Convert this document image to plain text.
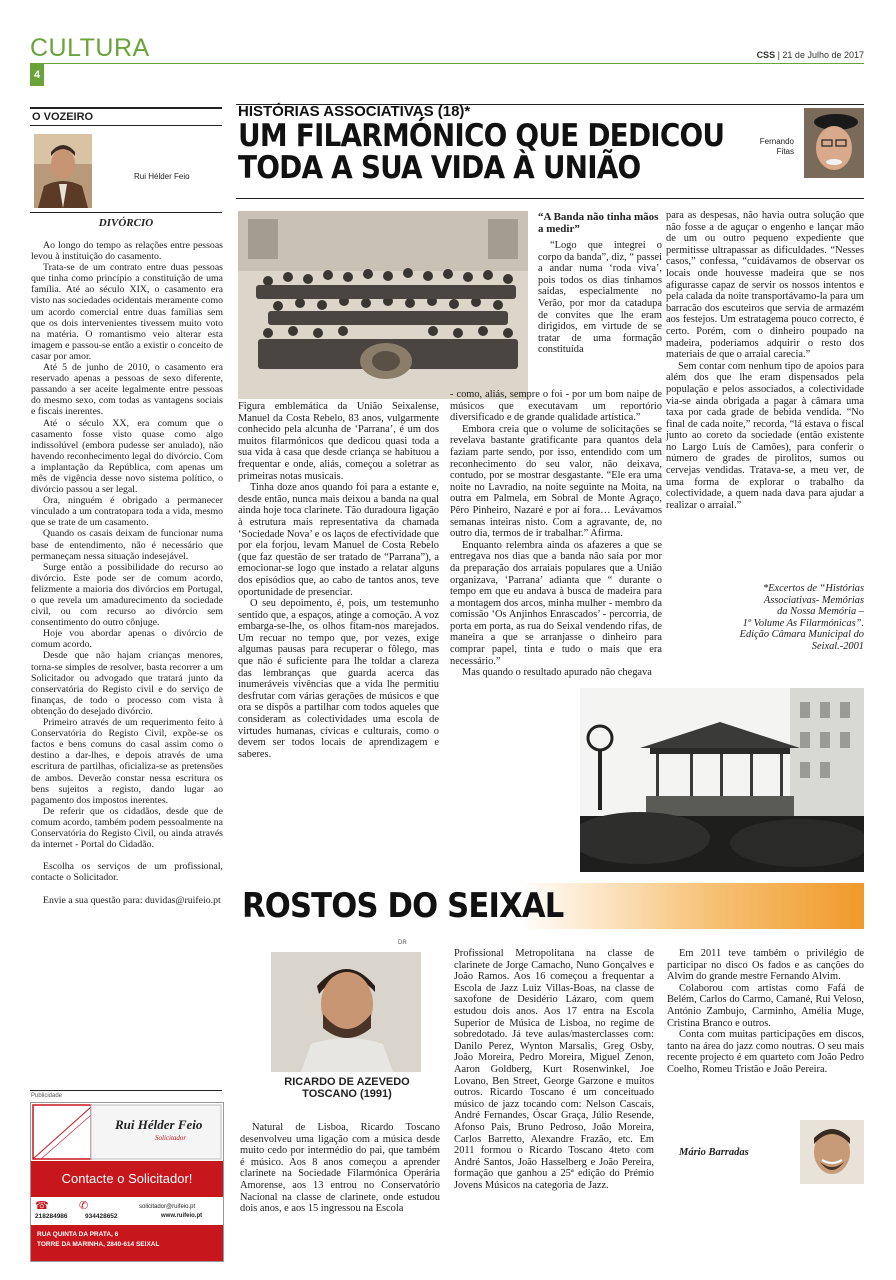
CULTURA
4
CSS | 21 de Julho de 2017
O VOZEIRO
Rui Hélder Feio
DIVÓRCIO

Ao longo do tempo as relações entre pessoas levou à instituição do casamento.

Trata-se de um contrato entre duas pessoas que tinha como princípio a constituição de uma família. Até ao século XIX, o casamento era visto nas sociedades ocidentais meramente como um acordo comercial entre duas famílias sem que os dois intervenientes tivessem muito voto na matéria. O romantismo veio alterar esta imagem e passou-se então a existir o conceito de casar por amor.

Até 5 de junho de 2010, o casamento era reservado apenas a pessoas de sexo diferente, passando a ser aceite legalmente entre pessoas do mesmo sexo, com todas as vantagens sociais e fiscais inerentes.

Até o século XX, era comum que o casamento fosse visto quase como algo indissolúvel (embora pudesse ser anulado), não havendo reconhecimento legal do divórcio. Com a implantação da República, com apenas um mês de vigência desse novo sistema político, o divórcio passou a ser legal.

Ora, ninguém é obrigado a permanecer vinculado a um contratopara toda a vida, mesmo que se trate de um casamento.

Quando os casais deixam de funcionar numa base de entendimento, não é necessário que permaneçam nessa situação indesejável.

Surge então a possibilidade do recurso ao divórcio. Este pode ser de comum acordo, felizmente a maioria dos divórcios em Portugal, o que revela um amadurecimento da sociedade civil, ou com recurso ao divórcio sem consentimento do outro cônjuge.

Hoje vou abordar apenas o divórcio de comum acordo.

Desde que não hajam crianças menores, torna-se simples de resolver, basta recorrer a um Solicitador ou advogado que tratará junto da conservatória do Registo civil e do serviço de finanças, de todo o processo com vista à obtenção do desejado divórcio.

Primeiro através de um requerimento feito à Conservatória do Registo Civil, expõe-se os factos e bens comuns do casal assim como o destino a dar-lhes, e depois através de uma escritura de partilhas, oficializa-se as pretensões de ambos. Deverão constar nessa escritura os bens sujeitos a registo, dando lugar ao pagamento dos impostos inerentes.

De referir que os cidadãos, desde que de comum acordo, também podem pessoalmente na Conservatória do Registo Civil, ou ainda através da internet - Portal do Cidadão.

Escolha os serviços de um profissional, contacte o Solicitador.

Envie a sua questão para: duvidas@ruifeio.pt

Publicidade
Rui Hélder Feio
Solicitador
Contacte o Solicitador!
☎	✆
218284986	934428652
solicitador@ruifeio.pt
www.ruifeio.pt
RUA QUINTA DA PRATA, 6
TORRE DA MARINHA, 2840-614 SEIXAL
HISTÓRIAS ASSOCIATIVAS (18)*
UM FILARMÓNICO QUE DEDICOU
TODA A SUA VIDA À UNIÃO
Fernando
Fitas

Figura emblemática da União Seixalense, Manuel da Costa Rebelo, 83 anos, vulgarmente conhecido pela alcunha de ‘Parrana’, é um dos muitos filarmónicos que dedicou quasi toda a sua vida à casa que desde criança se habituou a frequentar e onde, aliás, começou a soletrar as primeiras notas musicais.

Tinha doze anos quando foi para a estante e, desde então, nunca mais deixou a banda na qual ainda hoje toca clarinete. Tão duradoura ligação à estrutura mais representativa da chamada ‘Sociedade Nova’ e os laços de efectividade que por ela forjou, levam Manuel de Costa Rebelo (que faz questão de ser tratado de “Parrana”), a emocionar-se logo que instado a relatar alguns dos episódios que, ao cabo de tantos anos, teve oportunidade de presenciar.

O seu depoimento, é, pois, um testemunho sentido que, a espaços, atinge a comoção. A voz embarga-se-lhe, os olhos fitam-nos marejados. Um recuar no tempo que, por vezes, exige algumas pausas para recuperar o fôlego, mas que não é suficiente para lhe toldar a clareza das lembranças que guarda acerca das inumeráveis vivências que a vida lhe permitiu desfrutar com várias gerações de músicos e que ora se dispôs a partilhar com todos aqueles que consideram as colectividades uma escola de virtudes humanas, cívicas e culturais, como o devem ser todos locais de aprendizagem e saberes.

“A Banda não tinha mãos a medir”

“Logo que integrei o corpo da banda”, diz, “ passei a andar numa ‘roda viva’, pois todos os dias tínhamos saídas, especialmente no Verão, por mor da catadupa de convites que lhe eram dirigidos, em virtude de se tratar de uma formação constituída

- como, aliás, sempre o foi - por um bom naipe de músicos que executavam um reportório diversificado e de grande qualidade artística.”

Embora creia que o volume de solicitações se revelava bastante gratificante para quantos dela faziam parte sendo, por isso, entendido com um reconhecimento do seu valor, não deixava, contudo, por se mostrar desgastante. “Ele era uma noite no Lavradio, na noite seguinte na Moita, na outra em Palmela, em Sobral de Monte Agraço, Pêro Pinheiro, Nazaré e por aí fora… Levávamos semanas inteiras nisto. Com a agravante, de, no outro dia, termos de ir trabalhar.” Afirma.

Enquanto relembra ainda os afazeres a que se entregava nos dias que a banda não saía por mor da preparação dos arraiais populares que a União organizava, ‘Parrana’ adianta que “ durante o tempo em que eu andava à busca de madeira para a montagem dos arcos, minha mulher - membro da comissão ‘Os Anjinhos Enrascados’ - percorria, de porta em porta, as rua do Seixal vendendo rifas, de maneira a que se arranjasse o dinheiro para comprar papel, tinta e tudo o mais que era necessário.”

Mas quando o resultado apurado não chegava

para as despesas, não havia outra solução que não fosse a de aguçar o engenho e lançar mão de um ou outro pequeno expediente que permitisse ultrapassar as dificuldades. “Nesses casos,” confessa, “cuidávamos de observar os locais onde houvesse madeira que se nos afigurasse capaz de servir os nossos intentos e pela calada da noite transportávamo-la para um barracão dos escuteiros que servia de armazém aos festejos. Um estratagema pouco correcto, é certo. Porém, com o dinheiro poupado na madeira, poderíamos adquirir o resto dos materiais de que o arraial carecia.”

Sem contar com nenhum tipo de apoios para além dos que lhe eram dispensados pela população e pelos associados, a colectividade via-se ainda obrigada a pagar à câmara uma taxa por cada grade de bebida vendida. “No final de cada noite,” recorda, “lá estava o fiscal junto ao coreto da sociedade (então existente no Largo Luís de Camões), para conferir o número de grades de pirolitos, sumos ou cervejas vendidas. Tratava-se, a meu ver, de uma forma de explorar o trabalho da colectividade, a quem nada dava para ajudar a realizar o arraial.”

*Excertos de “Histórias
Associativas- Memórias
da Nossa Memória –
1º Volume As Filarmónicas”.
Edição Câmara Municipal do
Seixal.-2001
ROSTOS DO SEIXAL
DR
RICARDO DE AZEVEDO
TOSCANO (1991)

Natural de Lisboa, Ricardo Toscano desenvolveu uma ligação com a música desde muito cedo por intermédio do pai, que também é músico. Aos 8 anos começou a aprender clarinete na Sociedade Filarmónica Operária Amorense, aos 13 entrou no Conservatório Nacional na classe de clarinete, onde estudou dois anos, e aos 15 ingressou na Escola

Profissional Metropolitana na classe de clarinete de Jorge Camacho, Nuno Gonçalves e João Ramos. Aos 16 começou a frequentar a Escola de Jazz Luiz Villas-Boas, na classe de saxofone de Desidério Lázaro, com quem estudou dois anos. Aos 17 entra na Escola Superior de Música de Lisboa, no regime de sobredotado. Já teve aulas/masterclasses com: Danilo Perez, Wynton Marsalis, Greg Osby, João Moreira, Pedro Moreira, Miguel Zenon, Aaron Goldberg, Kurt Rosenwinkel, Joe Lovano, Ben Street, George Garzone e muitos outros. Ricardo Toscano é um conceituado músico de jazz tocando com: Nelson Cascais, André Fernandes, Óscar Graça, Júlio Resende, Afonso Pais, Bruno Pedroso, João Moreira, Carlos Barretto, Alexandre Frazão, etc. Em 2011 formou o Ricardo Toscano 4teto com André Santos, João Hasselberg e João Pereira, formação que ganhou a 25ª edição do Prémio Jovens Músicos na categoria de Jazz.

Em 2011 teve também o privilégio de participar no disco Os fados e as canções do Alvim do grande mestre Fernando Alvim.

Colaborou com artistas como Fafá de Belém, Carlos do Carmo, Camané, Rui Veloso, António Zambujo, Carminho, Amélia Muge, Cristina Branco e outros.

Conta com muitas participações em discos, tanto na área do jazz como noutras. O seu mais recente projecto é em quarteto com João Pedro Coelho, Romeu Tristão e João Pereira.

Mário Barradas
